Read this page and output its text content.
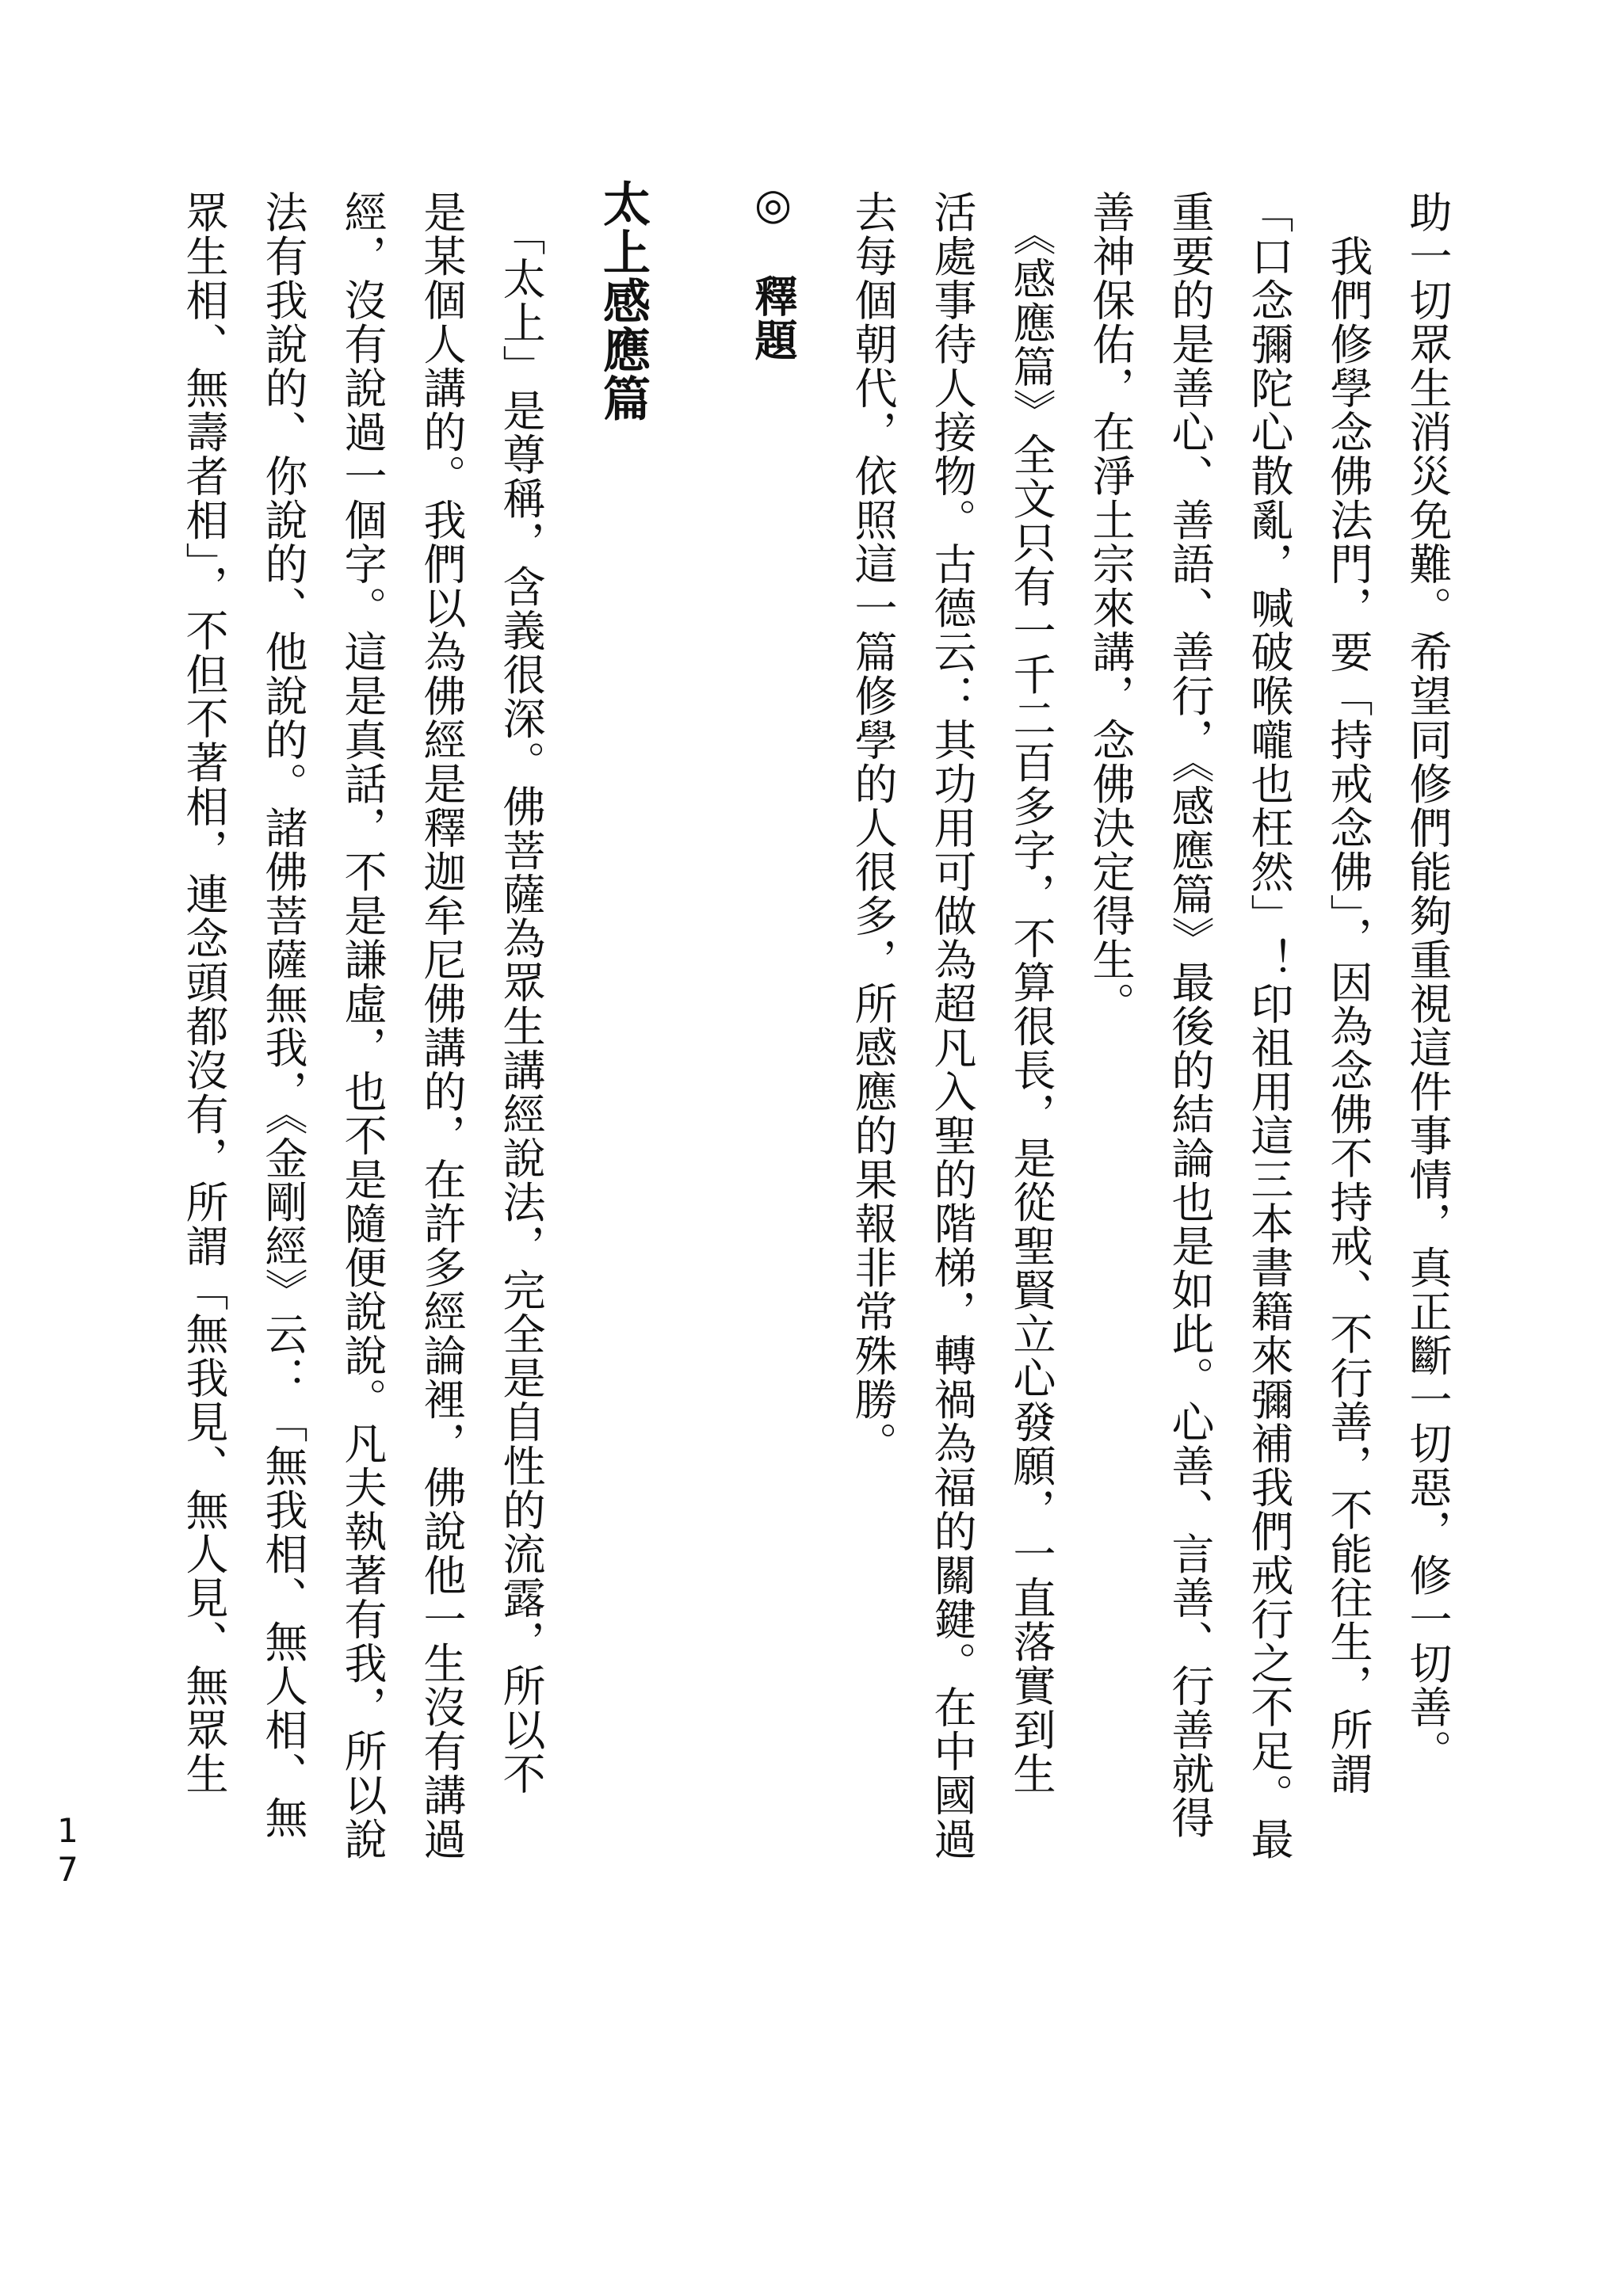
助一切眾生消災免難。希望同修們能夠重視這件事情，真正斷一切惡，修一切善。
　我們修學念佛法門，要「持戒念佛」，因為念佛不持戒、不行善，不能往生，所謂
「口念彌陀心散亂，喊破喉嚨也枉然」！印祖用這三本書籍來彌補我們戒行之不足。最
重要的是善心、善語、善行，《感應篇》最後的結論也是如此。心善、言善、行善就得
善神保佑，在淨土宗來講，念佛決定得生。
　《感應篇》全文只有一千二百多字，不算很長，是從聖賢立心發願，一直落實到生
活處事待人接物。古德云：其功用可做為超凡入聖的階梯，轉禍為福的關鍵。在中國過
去每個朝代，依照這一篇修學的人很多，所感應的果報非常殊勝。
◎　釋題
太上感應篇
　「太上」是尊稱，含義很深。佛菩薩為眾生講經說法，完全是自性的流露，所以不
是某個人講的。我們以為佛經是釋迦牟尼佛講的，在許多經論裡，佛說他一生沒有講過
經，沒有說過一個字。這是真話，不是謙虛，也不是隨便說說。凡夫執著有我，所以說
法有我說的、你說的、他說的。諸佛菩薩無我，《金剛經》云：「無我相、無人相、無
眾生相、無壽者相」，不但不著相，連念頭都沒有，所謂「無我見、無人見、無眾生
17
